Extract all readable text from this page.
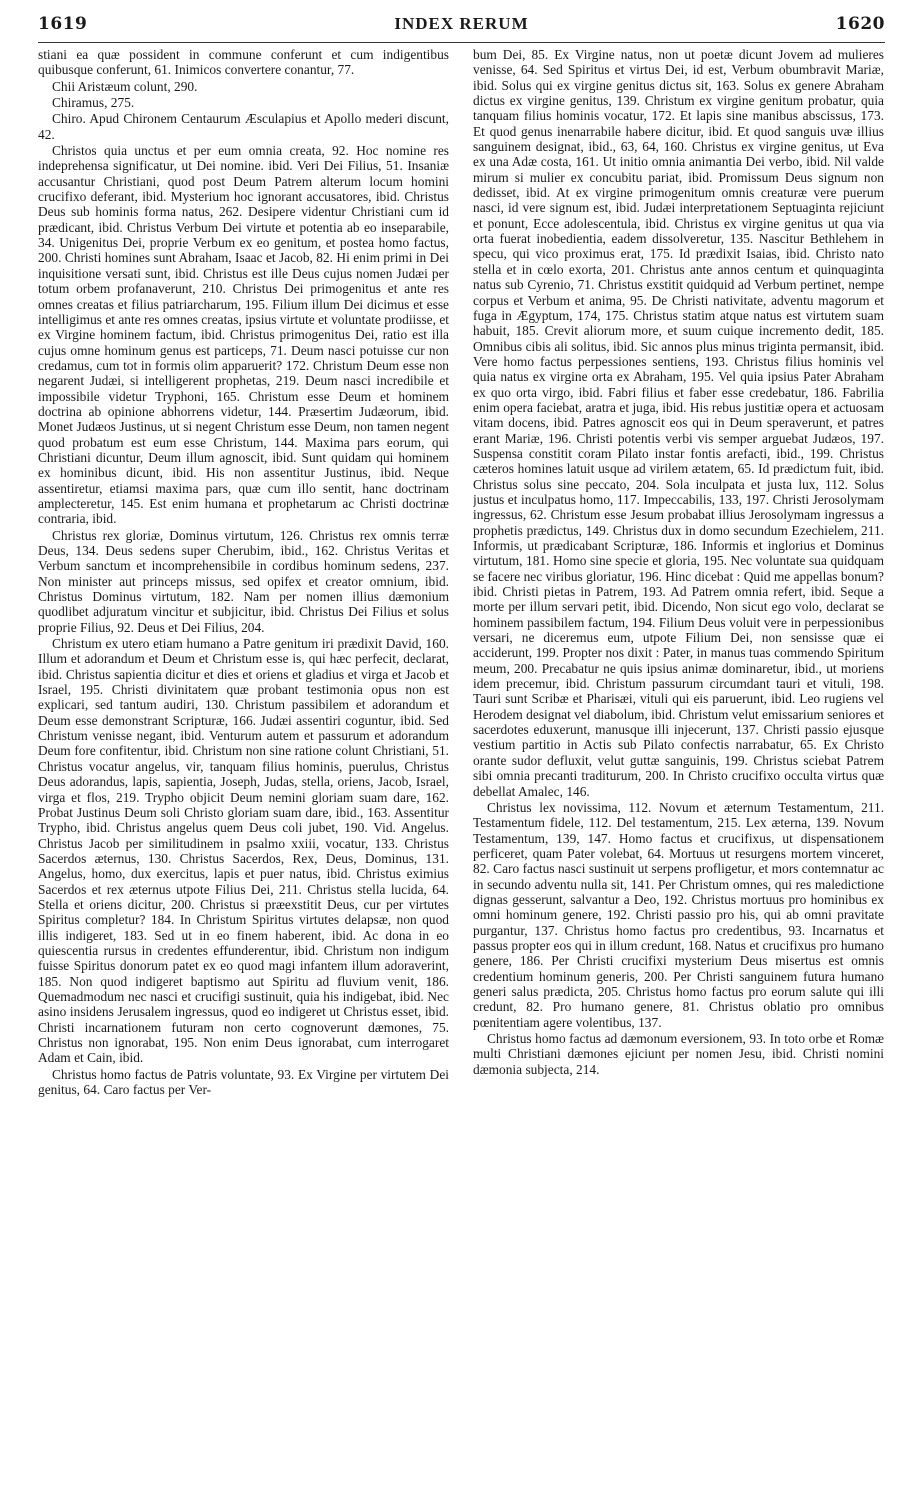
1619	INDEX RERUM	1620

stiani ea quæ possident in commune conferunt et cum indigentibus quibusque conferunt, 61. Inimicos convertere conantur, 77.

Chii Aristæum colunt, 290.

Chiramus, 275.

Chiro. Apud Chironem Centaurum Æsculapius et Apollo mederi discunt, 42.

Christos quia unctus et per eum omnia creata, 92. Hoc nomine res indeprehensa significatur, ut Dei nomine. ibid. Veri Dei Filius, 51. Insaniæ accusantur Christiani, quod post Deum Patrem alterum locum homini crucifixo deferant, ibid. Mysterium hoc ignorant accusatores, ibid. Christus Deus sub hominis forma natus, 262. Desipere videntur Christiani cum id prædicant, ibid. Christus Verbum Dei virtute et potentia ab eo inseparabile, 34. Unigenitus Dei, proprie Verbum ex eo genitum, et postea homo factus, 200. Christi homines sunt Abraham, Isaac et Jacob, 82. Hi enim primi in Dei inquisitione versati sunt, ibid. Christus est ille Deus cujus nomen Judæi per totum orbem profanaverunt, 210. Christus Dei primogenitus et ante res omnes creatas et filius patriarcharum, 195. Filium illum Dei dicimus et esse intelligimus et ante res omnes creatas, ipsius virtute et voluntate prodiisse, et ex Virgine hominem factum, ibid. Christus primogenitus Dei, ratio est illa cujus omne hominum genus est particeps, 71. Deum nasci potuisse cur non credamus, cum tot in formis olim apparuerit? 172. Christum Deum esse non negarent Judæi, si intelligerent prophetas, 219. Deum nasci incredibile et impossibile videtur Tryphoni, 165. Christum esse Deum et hominem doctrina ab opinione abhorrens videtur, 144. Præsertim Judæorum, ibid. Monet Judæos Justinus, ut si negent Christum esse Deum, non tamen negent quod probatum est eum esse Christum, 144. Maxima pars eorum, qui Christiani dicuntur, Deum illum agnoscit, ibid. Sunt quidam qui hominem ex hominibus dicunt, ibid. His non assentitur Justinus, ibid. Neque assentiretur, etiamsi maxima pars, quæ cum illo sentit, hanc doctrinam amplecteretur, 145. Est enim humana et prophetarum ac Christi doctrinæ contraria, ibid.

Christus rex gloriæ, Dominus virtutum, 126. Christus rex omnis terræ Deus, 134. Deus sedens super Cherubim, ibid., 162. Christus Veritas et Verbum sanctum et incomprehensibile in cordibus hominum sedens, 237. Non minister aut princeps missus, sed opifex et creator omnium, ibid. Christus Dominus virtutum, 182. Nam per nomen illius dæmonium quodlibet adjuratum vincitur et subjicitur, ibid. Christus Dei Filius et solus proprie Filius, 92. Deus et Dei Filius, 204.

Christum ex utero etiam humano a Patre genitum iri prædixit David, 160. Illum et adorandum et Deum et Christum esse is, qui hæc perfecit, declarat, ibid. Christus sapientia dicitur et dies et oriens et gladius et virga et Jacob et Israel, 195. Christi divinitatem quæ probant testimonia opus non est explicari, sed tantum audiri, 130. Christum passibilem et adorandum et Deum esse demonstrant Scripturæ, 166. Judæi assentiri coguntur, ibid. Sed Christum venisse negant, ibid. Venturum autem et passurum et adorandum Deum fore confitentur, ibid. Christum non sine ratione colunt Christiani, 51. Christus vocatur angelus, vir, tanquam filius hominis, puerulus, Christus Deus adorandus, lapis, sapientia, Joseph, Judas, stella, oriens, Jacob, Israel, virga et flos, 219. Trypho objicit Deum nemini gloriam suam dare, 162. Probat Justinus Deum soli Christo gloriam suam dare, ibid., 163. Assentitur Trypho, ibid. Christus angelus quem Deus coli jubet, 190. Vid. Angelus. Christus Jacob per similitudinem in psalmo xxiii, vocatur, 133. Christus Sacerdos æternus, 130. Christus Sacerdos, Rex, Deus, Dominus, 131. Angelus, homo, dux exercitus, lapis et puer natus, ibid. Christus eximius Sacerdos et rex æternus utpote Filius Dei, 211. Christus stella lucida, 64. Stella et oriens dicitur, 200. Christus si præexstitit Deus, cur per virtutes Spiritus completur? 184. In Christum Spiritus virtutes delapsæ, non quod illis indigeret, 183. Sed ut in eo finem haberent, ibid. Ac dona in eo quiescentia rursus in credentes effunderentur, ibid. Christum non indigum fuisse Spiritus donorum patet ex eo quod magi infantem illum adoraverint, 185. Non quod indigeret baptismo aut Spiritu ad fluvium venit, 186. Quemadmodum nec nasci et crucifigi sustinuit, quia his indigebat, ibid. Nec asino insidens Jerusalem ingressus, quod eo indigeret ut Christus esset, ibid. Christi incarnationem futuram non certo cognoverunt dæmones, 75. Christus non ignorabat, 195. Non enim Deus ignorabat, cum interrogaret Adam et Cain, ibid.

Christus homo factus de Patris voluntate, 93. Ex Virgine per virtutem Dei genitus, 64. Caro factus per Ver-

bum Dei, 85. Ex Virgine natus, non ut poetæ dicunt Jovem ad mulieres venisse, 64. Sed Spiritus et virtus Dei, id est, Verbum obumbravit Mariæ, ibid. Solus qui ex virgine genitus dictus sit, 163. Solus ex genere Abraham dictus ex virgine genitus, 139. Christum ex virgine genitum probatur, quia tanquam filius hominis vocatur, 172. Et lapis sine manibus abscissus, 173. Et quod genus inenarrabile habere dicitur, ibid. Et quod sanguis uvæ illius sanguinem designat, ibid., 63, 64, 160. Christus ex virgine genitus, ut Eva ex una Adæ costa, 161. Ut initio omnia animantia Dei verbo, ibid. Nil valde mirum si mulier ex concubitu pariat, ibid. Promissum Deus signum non dedisset, ibid. At ex virgine primogenitum omnis creaturæ vere puerum nasci, id vere signum est, ibid. Judæi interpretationem Septuaginta rejiciunt et ponunt, Ecce adolescentula, ibid. Christus ex virgine genitus ut qua via orta fuerat inobedientia, eadem dissolveretur, 135. Nascitur Bethlehem in specu, qui vico proximus erat, 175. Id prædixit Isaias, ibid. Christo nato stella et in cœlo exorta, 201. Christus ante annos centum et quinquaginta natus sub Cyrenio, 71. Christus exstitit quidquid ad Verbum pertinet, nempe corpus et Verbum et anima, 95. De Christi nativitate, adventu magorum et fuga in Ægyptum, 174, 175. Christus statim atque natus est virtutem suam habuit, 185. Crevit aliorum more, et suum cuique incremento dedit, 185. Omnibus cibis ali solitus, ibid. Sic annos plus minus triginta permansit, ibid. Vere homo factus perpessiones sentiens, 193. Christus filius hominis vel quia natus ex virgine orta ex Abraham, 195. Vel quia ipsius Pater Abraham ex quo orta virgo, ibid. Fabri filius et faber esse credebatur, 186. Fabrilia enim opera faciebat, aratra et juga, ibid. His rebus justitiæ opera et actuosam vitam docens, ibid. Patres agnoscit eos qui in Deum speraverunt, et patres erant Mariæ, 196. Christi potentis verbi vis semper arguebat Judæos, 197. Suspensa constitit coram Pilato instar fontis arefacti, ibid., 199. Christus cæteros homines latuit usque ad virilem ætatem, 65. Id prædictum fuit, ibid. Christus solus sine peccato, 204. Sola inculpata et justa lux, 112. Solus justus et inculpatus homo, 117. Impeccabilis, 133, 197. Christi Jerosolymam ingressus, 62. Christum esse Jesum probabat illius Jerosolymam ingressus a prophetis prædictus, 149. Christus dux in domo secundum Ezechielem, 211. Informis, ut prædicabant Scripturæ, 186. Informis et inglorius et Dominus virtutum, 181. Homo sine specie et gloria, 195. Nec voluntate sua quidquam se facere nec viribus gloriatur, 196. Hinc dicebat : Quid me appellas bonum? ibid. Christi pietas in Patrem, 193. Ad Patrem omnia refert, ibid. Seque a morte per illum servari petit, ibid. Dicendo, Non sicut ego volo, declarat se hominem passibilem factum, 194. Filium Deus voluit vere in perpessionibus versari, ne diceremus eum, utpote Filium Dei, non sensisse quæ ei acciderunt, 199. Propter nos dixit : Pater, in manus tuas commendo Spiritum meum, 200. Precabatur ne quis ipsius animæ dominaretur, ibid., ut moriens idem precemur, ibid. Christum passurum circumdant tauri et vituli, 198. Tauri sunt Scribæ et Pharisæi, vituli qui eis paruerunt, ibid. Leo rugiens vel Herodem designat vel diabolum, ibid. Christum velut emissarium seniores et sacerdotes eduxerunt, manusque illi injecerunt, 137. Christi passio ejusque vestium partitio in Actis sub Pilato confectis narrabatur, 65. Ex Christo orante sudor defluxit, velut guttæ sanguinis, 199. Christus sciebat Patrem sibi omnia precanti traditurum, 200. In Christo crucifixo occulta virtus quæ debellat Amalec, 146.

Christus lex novissima, 112. Novum et æternum Testamentum, 211. Testamentum fidele, 112. Del testamentum, 215. Lex æterna, 139. Novum Testamentum, 139, 147. Homo factus et crucifixus, ut dispensationem perficeret, quam Pater volebat, 64. Mortuus ut resurgens mortem vinceret, 82. Caro factus nasci sustinuit ut serpens profligetur, et mors contemnatur ac in secundo adventu nulla sit, 141. Per Christum omnes, qui res maledictione dignas gesserunt, salvantur a Deo, 192. Christus mortuus pro hominibus ex omni hominum genere, 192. Christi passio pro his, qui ab omni pravitate purgantur, 137. Christus homo factus pro credentibus, 93. Incarnatus et passus propter eos qui in illum credunt, 168. Natus et crucifixus pro humano genere, 186. Per Christi crucifixi mysterium Deus misertus est omnis credentium hominum generis, 200. Per Christi sanguinem futura humano generi salus prædicta, 205. Christus homo factus pro eorum salute qui illi credunt, 82. Pro humano genere, 81. Christus oblatio pro omnibus pœnitentiam agere volentibus, 137.

Christus homo factus ad dæmonum eversionem, 93. In toto orbe et Romæ multi Christiani dæmones ejiciunt per nomen Jesu, ibid. Christi nomini dæmonia subjecta, 214.
